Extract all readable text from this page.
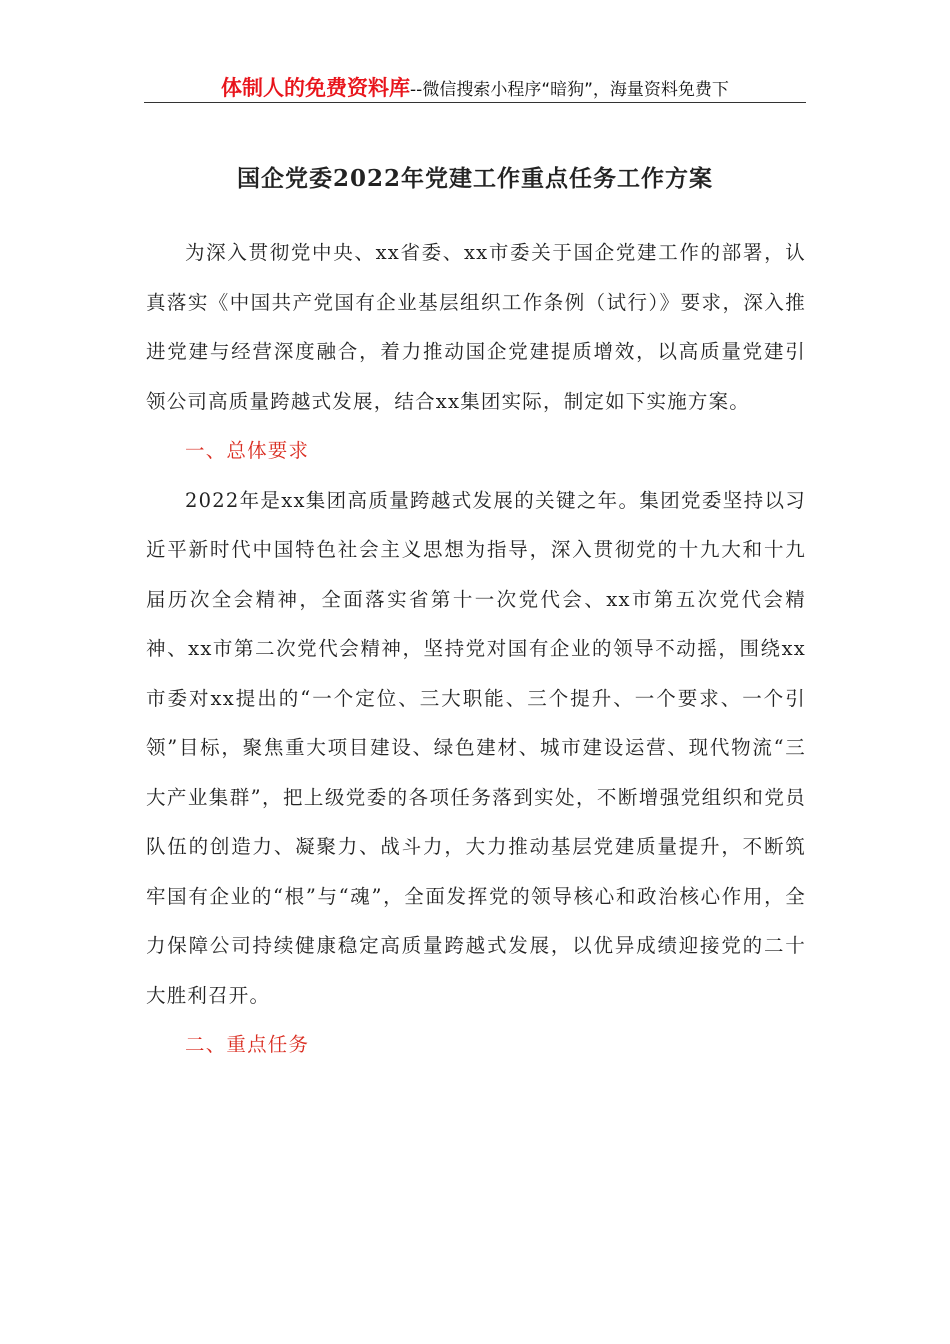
体制人的免费资料库--微信搜索小程序“暗狗”，海量资料免费下
国企党委2022年党建工作重点任务工作方案

为深入贯彻党中央、xx省委、xx市委关于国企党建工作的部署，认真落实《中国共产党国有企业基层组织工作条例（试行）》要求，深入推进党建与经营深度融合，着力推动国企党建提质增效，以高质量党建引领公司高质量跨越式发展，结合xx集团实际，制定如下实施方案。

一、总体要求

2022年是xx集团高质量跨越式发展的关键之年。集团党委坚持以习近平新时代中国特色社会主义思想为指导，深入贯彻党的十九大和十九届历次全会精神，全面落实省第十一次党代会、xx市第五次党代会精神、xx市第二次党代会精神，坚持党对国有企业的领导不动摇，围绕xx市委对xx提出的“一个定位、三大职能、三个提升、一个要求、一个引领”目标，聚焦重大项目建设、绿色建材、城市建设运营、现代物流“三大产业集群”，把上级党委的各项任务落到实处，不断增强党组织和党员队伍的创造力、凝聚力、战斗力，大力推动基层党建质量提升，不断筑牢国有企业的“根”与“魂”，全面发挥党的领导核心和政治核心作用，全力保障公司持续健康稳定高质量跨越式发展，以优异成绩迎接党的二十大胜利召开。

二、重点任务
